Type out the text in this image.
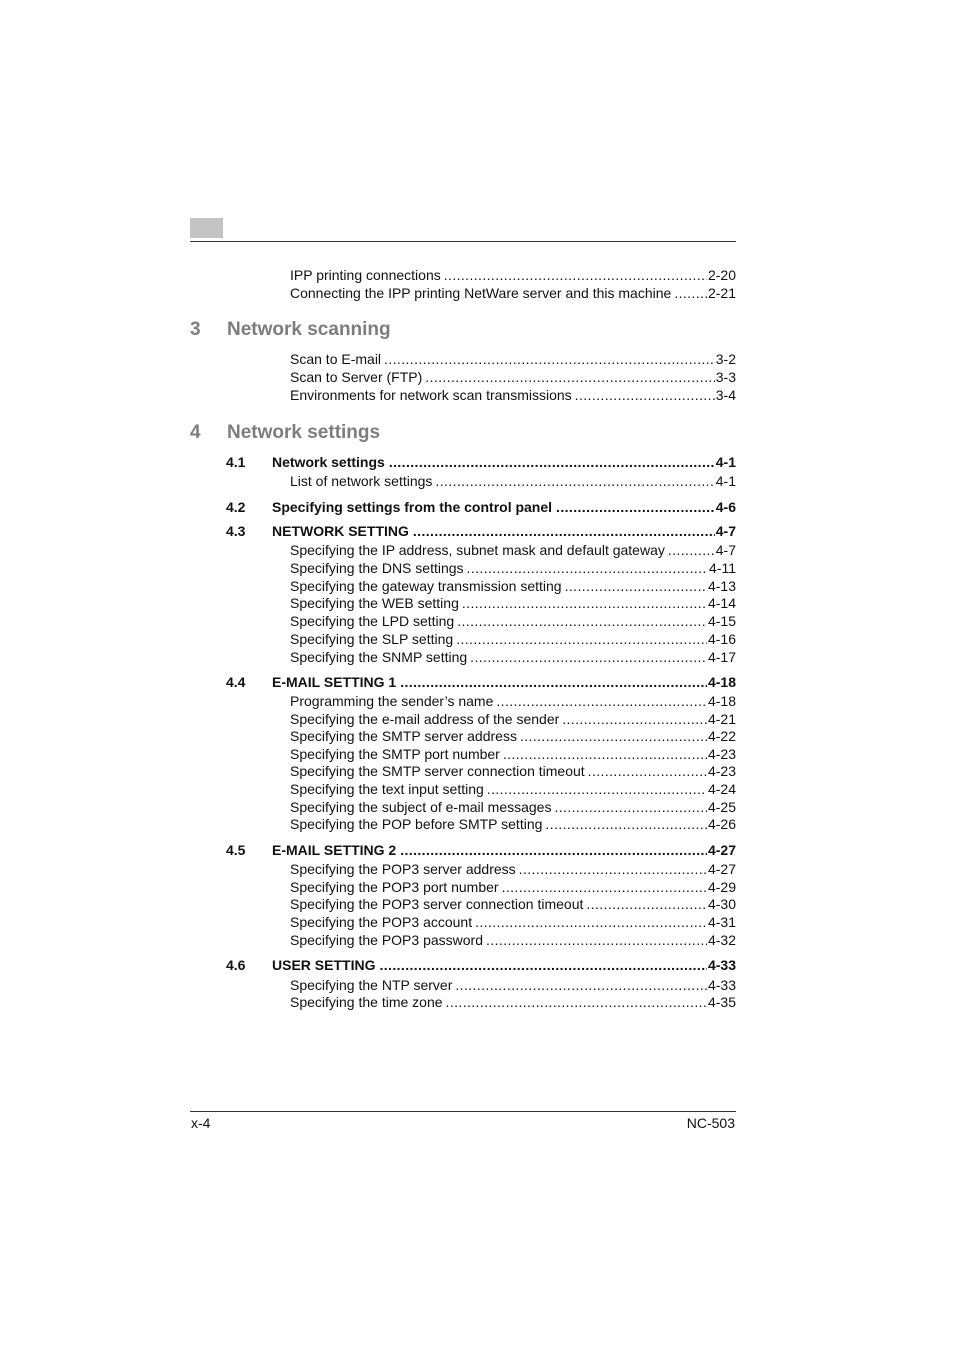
IPP printing connections .....	2-20
Connecting the IPP printing NetWare server and this machine .....	2-21
3 Network scanning
Scan to E-mail .....	3-2
Scan to Server (FTP) .....	3-3
Environments for network scan transmissions .....	3-4
4 Network settings
4.1	Network settings .....	4-1
List of network settings .....	4-1
4.2	Specifying settings from the control panel .....	4-6
4.3	NETWORK SETTING .....	4-7
Specifying the IP address, subnet mask and default gateway .....	4-7
Specifying the DNS settings .....	4-11
Specifying the gateway transmission setting .....	4-13
Specifying the WEB setting .....	4-14
Specifying the LPD setting .....	4-15
Specifying the SLP setting .....	4-16
Specifying the SNMP setting .....	4-17
4.4	E-MAIL SETTING 1 .....	4-18
Programming the sender’s name .....	4-18
Specifying the e-mail address of the sender .....	4-21
Specifying the SMTP server address .....	4-22
Specifying the SMTP port number .....	4-23
Specifying the SMTP server connection timeout .....	4-23
Specifying the text input setting .....	4-24
Specifying the subject of e-mail messages .....	4-25
Specifying the POP before SMTP setting .....	4-26
4.5	E-MAIL SETTING 2 .....	4-27
Specifying the POP3 server address .....	4-27
Specifying the POP3 port number .....	4-29
Specifying the POP3 server connection timeout .....	4-30
Specifying the POP3 account .....	4-31
Specifying the POP3 password .....	4-32
4.6	USER SETTING .....	4-33
Specifying the NTP server .....	4-33
Specifying the time zone .....	4-35
x-4	NC-503
